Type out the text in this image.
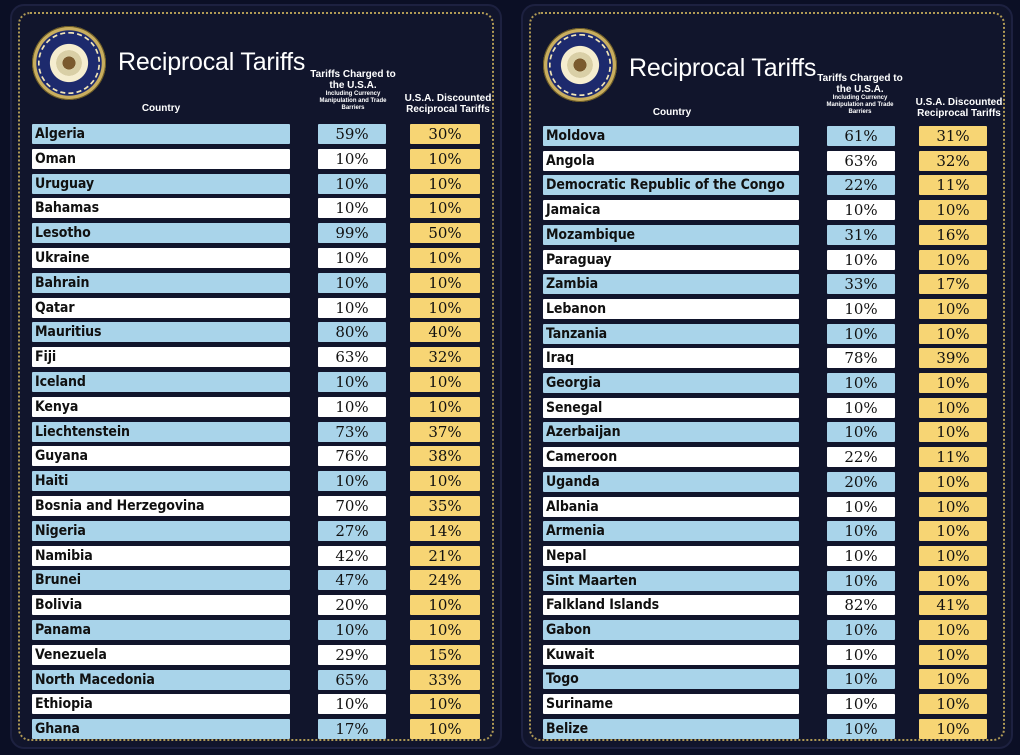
Reciprocal Tariffs
Country
Tariffs Charged to the U.S.A.
Including Currency Manipulation and Trade Barriers
U.S.A. Discounted Reciprocal Tariffs
Algeria	59%	30%
Oman	10%	10%
Uruguay	10%	10%
Bahamas	10%	10%
Lesotho	99%	50%
Ukraine	10%	10%
Bahrain	10%	10%
Qatar	10%	10%
Mauritius	80%	40%
Fiji	63%	32%
Iceland	10%	10%
Kenya	10%	10%
Liechtenstein	73%	37%
Guyana	76%	38%
Haiti	10%	10%
Bosnia and Herzegovina	70%	35%
Nigeria	27%	14%
Namibia	42%	21%
Brunei	47%	24%
Bolivia	20%	10%
Panama	10%	10%
Venezuela	29%	15%
North Macedonia	65%	33%
Ethiopia	10%	10%
Ghana	17%	10%
Reciprocal Tariffs
Country
Tariffs Charged to the U.S.A.
Including Currency Manipulation and Trade Barriers
U.S.A. Discounted Reciprocal Tariffs
Moldova	61%	31%
Angola	63%	32%
Democratic Republic of the Congo	22%	11%
Jamaica	10%	10%
Mozambique	31%	16%
Paraguay	10%	10%
Zambia	33%	17%
Lebanon	10%	10%
Tanzania	10%	10%
Iraq	78%	39%
Georgia	10%	10%
Senegal	10%	10%
Azerbaijan	10%	10%
Cameroon	22%	11%
Uganda	20%	10%
Albania	10%	10%
Armenia	10%	10%
Nepal	10%	10%
Sint Maarten	10%	10%
Falkland Islands	82%	41%
Gabon	10%	10%
Kuwait	10%	10%
Togo	10%	10%
Suriname	10%	10%
Belize	10%	10%
